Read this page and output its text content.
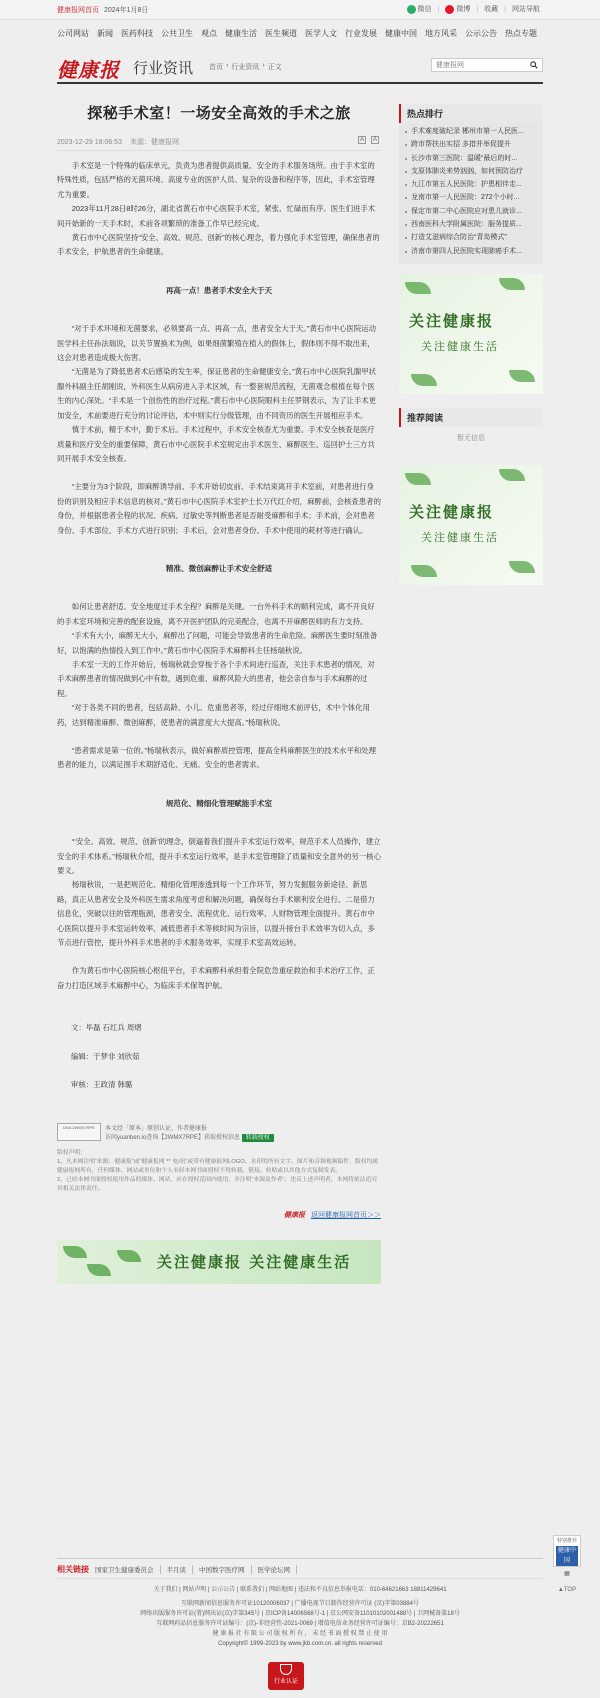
健康报网首页 2024年1月8日	微信 |	微博 | 收藏 | 网站导航
公司网站 新闻 医药科技 公共卫生 观点 健康生活 医生频道 医学人文 行业发展 健康中国 地方风采 公示公告 热点专题
健康报 行业资讯 首页 › 行业资讯 › 正文
健康报网
探秘手术室！一场安全高效的手术之旅
2023-12-29 18:06:53 来源：健康报网	A	A

手术室是一个特殊的临床单元，负责为患者提供高质量、安全的手术服务场所。由于手术室的特殊性质，包括严格的无菌环境、高度专业的医护人员、复杂的设备和程序等，因此，手术室管理尤为重要。

2023年11月28日8时26分，湖北省黄石市中心医院手术室，紧张、忙碌而有序。医生们进手术间开始新的一天手术时，术前各项繁琐的准备工作早已经完成。

黄石市中心医院坚持“安全、高效、规范、创新”的核心理念，着力强化手术室管理，确保患者的手术安全，护航患者的生命健康。

再高一点！患者手术安全大于天

“对于手术环境和无菌要求，必须要高一点、再高一点，患者安全大于天。”黄石市中心医院运动医学科主任孙法瑞说，以关节置换术为例，如果细菌繁殖在植入的假体上，假体则不得不取出来，这会对患者造成极大伤害。

“无菌是为了降低患者术后感染的发生率，保证患者的生命健康安全。”黄石市中心医院乳腺甲状腺外科副主任胡刚说，外科医生从病房进入手术区域，有一整套规范流程，无菌观念根植在每个医生的内心深处。“手术是一个创伤性的治疗过程。”黄石市中心医院眼科主任罗钢表示，为了让手术更加安全，术前要进行充分的讨论评估，术中则实行分级管理，由不同资历的医生开展相应手术。

慎于术前，精于术中，勤于术后。手术过程中，手术安全核查尤为重要。手术安全核查是医疗质量和医疗安全的重要保障，黄石市中心医院手术室规定由手术医生、麻醉医生、巡回护士三方共同开展手术安全核查。

“主要分为3个阶段，即麻醉诱导前、手术开始切皮前、手术结束离开手术室前，对患者进行身份的识别及相应手术信息的核对。”黄石市中心医院手术室护士长万代红介绍，麻醉前，会核查患者的身份，并根据患者全程的状况、疾病、过敏史等判断患者是否耐受麻醉和手术；手术前，会对患者身份、手术部位、手术方式进行识别；手术后，会对患者身份、手术中使用的耗材等进行确认。

精准、微创麻醉让手术安全舒适

如何让患者舒适、安全地度过手术全程？麻醉是关键。一台外科手术的顺利完成，离不开良好的手术室环境和完善的配套设施，离不开医护团队的完美配合，也离不开麻醉医师的有力支持。

“手术有大小，麻醉无大小，麻醉出了问题，可能会导致患者的生命危险。麻醉医生要时刻准备好，以饱满的热情投入到工作中。”黄石市中心医院手术麻醉科主任杨瑞秋说。

手术室一天的工作开始后，杨瑞秋就会穿梭于各个手术间进行巡查，关注手术患者的情况，对手术麻醉患者的情况做到心中有数，遇到危重、麻醉风险大的患者，他会亲自参与手术麻醉的过程。

“对于各类不同的患者，包括高龄、小儿、危重患者等，经过仔细地术前评估，术中个体化用药，达到精准麻醉、微创麻醉，使患者的满意度大大提高。”杨瑞秋说。

“患者需求是第一位的。”杨瑞秋表示，做好麻醉质控管理，提高全科麻醉医生的技术水平和处理患者的能力，以满足围手术期舒适化、无痛、安全的患者需求。

规范化、精细化管理赋能手术室

“‘安全、高效、规范、创新’的理念，倒逼着我们提升手术室运行效率，规范手术人员操作，建立安全的手术体系。”杨瑞秋介绍，提升手术室运行效率，是手术室管理除了质量和安全意外的另一核心要义。

杨瑞秋说，一是把规范化、精细化管理渗透到每一个工作环节，努力发掘服务新途径、新思路，真正从患者安全及外科医生需求角度考虑和解决问题，确保每台手术顺利安全进行。二是借力信息化，突破以往的管理瓶颈，患者安全、流程优化、运行效率、人财物管理全面提升。黄石市中心医院以提升手术室运转效率、减低患者手术等候时间为宗旨，以提升接台手术效率为切入点，多节点进行管控，提升外科手术患者的手术服务效率，实现手术室高效运转。

作为黄石市中心医院核心枢纽平台，手术麻醉科承担着全院危急重症救治和手术治疗工作，正奋力打造区域手术麻醉中心，为临床手术保驾护航。

文：毕磊 石红兵 周熠

编辑：于梦非 刘欣茹

审核：王政清 韩璐

DNA 2WMX7RPE	本文经「原本」原创认证，作者健康报
访问yuanben.io查询【2WMX7RPE】获取授权信息 转载授权
版权声明：
1、凡本网注明“来源：健康报”或“健康报网 ** 电/讯”或带有健康报网LOGO、水印的所有文字、图片和音频视频稿件，版权均属健康报网所有，任何媒体、网站或单位和个人未经本网书面授权不得转载、链接、转贴或以其他方式复制发表。
2、已经本网书面授权使用作品的媒体、网站，应在授权范围内使用，并注明“来源及作者”。违反上述声明者，本网将依法追究其相关法律责任。
健康报 返回健康报网首页＞＞
关注健康报 关注健康生活
热点排行
手术难度破纪录 郴州市第一人民医...
跨市帮扶出实招 多措并举促提升
长沙市第三医院：温暖“最后的时...
支原体肺炎来势汹汹，如何预防治疗
九江市第五人民医院：护患相伴走...
龙南市第一人民医院：272个小时...
保定市第二中心医院应对患儿就诊...
西南医科大学附属医院：服务提质...
打造艾滋病综合防治“青岛模式”
济南市第四人民医院实现肺癌手术...
关注健康报
关注健康生活
推荐阅读
暂无信息
关注健康报
关注健康生活
特别推荐
健康中国
▦
▲TOP
相关链接 国家卫生健康委员会	半月谈	中国数字医疗网	医学论坛网
关于我们 | 网站声明 | 公示公告 | 联系我们 | 网站地图 | 违法和不良信息举报电话：010-64621663 18811429641
互联网新闻信息服务许可证10120006037 | 广播电视节目制作经营许可证 (京)字第03884号
网络出版服务许可证(署)网出证(京)字第345号 | 京ICP备14006568号-1 | 京公网安备11010102001488号 | 卫网械备第18号
互联网药品信息服务许可证编号：(京)-非经营性-2021-0069 | 增值电信业务经营许可证编号：京B2-20222651
健 康 报 社 有 限 公 司 版 权 所 有 ， 未 经 书 面 授 权 禁 止 使 用
Copyright© 1999-2023 by www.jkb.com.cn. all rights reserved
行业认证
